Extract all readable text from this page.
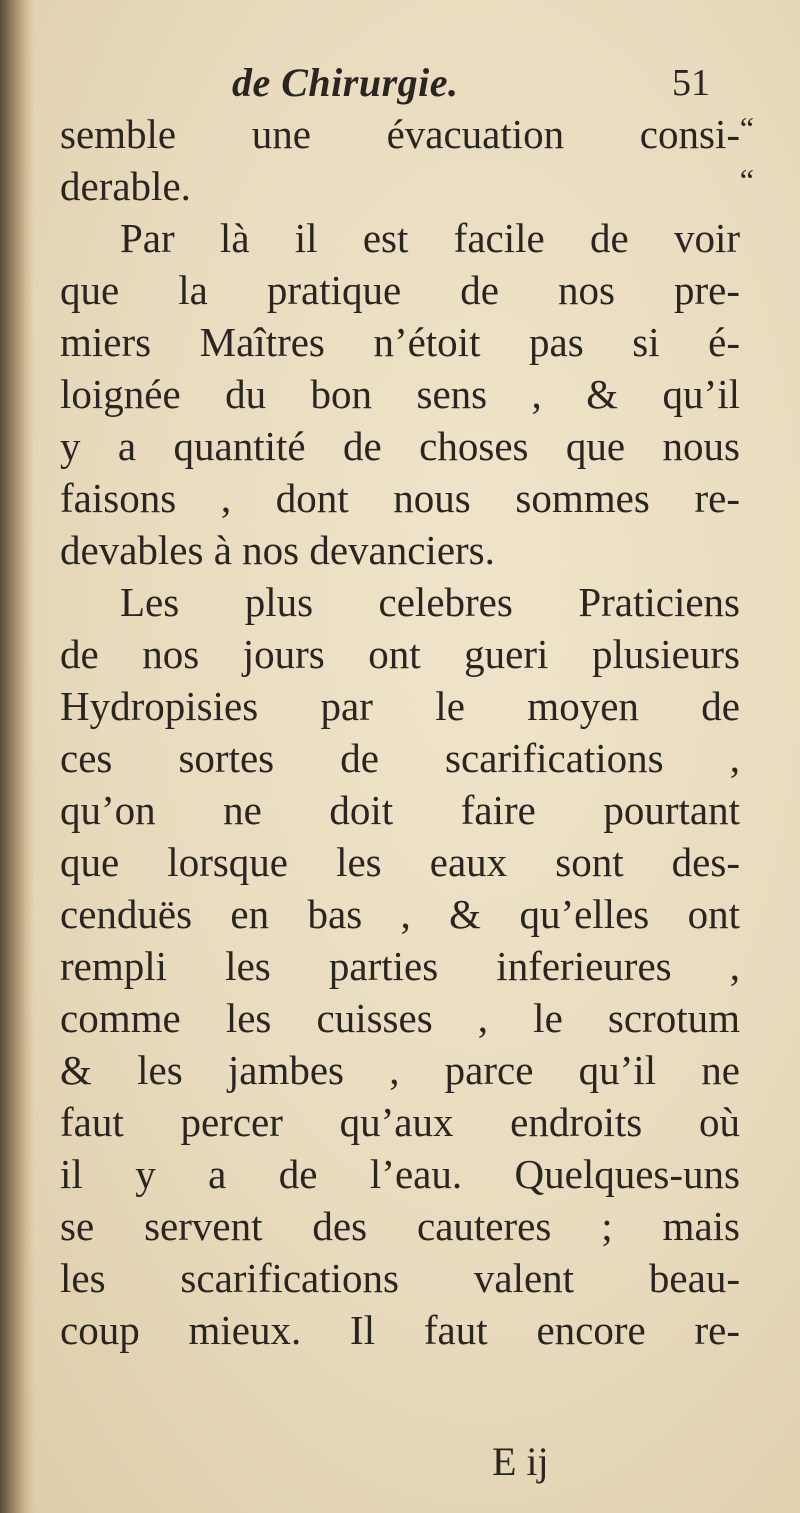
de Chirurgie.	51
semble une évacuation consi- “
derable.	“
Par là il est facile de voir
que la pratique de nos pre-
miers Maîtres n’étoit pas si é-
loignée du bon sens , & qu’il
y a quantité de choses que nous
faisons , dont nous sommes re-
devables à nos devanciers.
Les plus celebres Praticiens
de nos jours ont gueri plusieurs
Hydropisies par le moyen de
ces sortes de scarifications ,
qu’on ne doit faire pourtant
que lorsque les eaux sont des-
cenduës en bas , & qu’elles ont
rempli les parties inferieures ,
comme les cuisses , le scrotum
& les jambes , parce qu’il ne
faut percer qu’aux endroits où
il y a de l’eau. Quelques-uns
se servent des cauteres ; mais
les scarifications valent beau-
coup mieux. Il faut encore re-
E ij
